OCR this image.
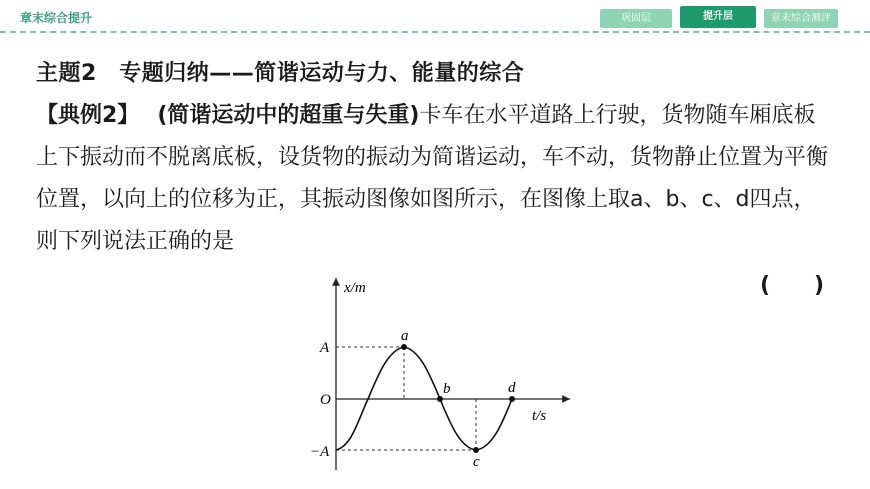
章末综合提升	巩固层	提升层	章末综合测评
主题2　专题归纳——简谐运动与力、能量的综合
【典例2】 (简谐运动中的超重与失重)卡车在水平道路上行驶，货物随车厢底板上下振动而不脱离底板，设货物的振动为简谐运动，车不动，货物静止位置为平衡位置，以向上的位移为正，其振动图像如图所示，在图像上取a、b、c、d四点，则下列说法正确的是
(　　)
x/m
t/s
A
O
−A
a
b
c
d
